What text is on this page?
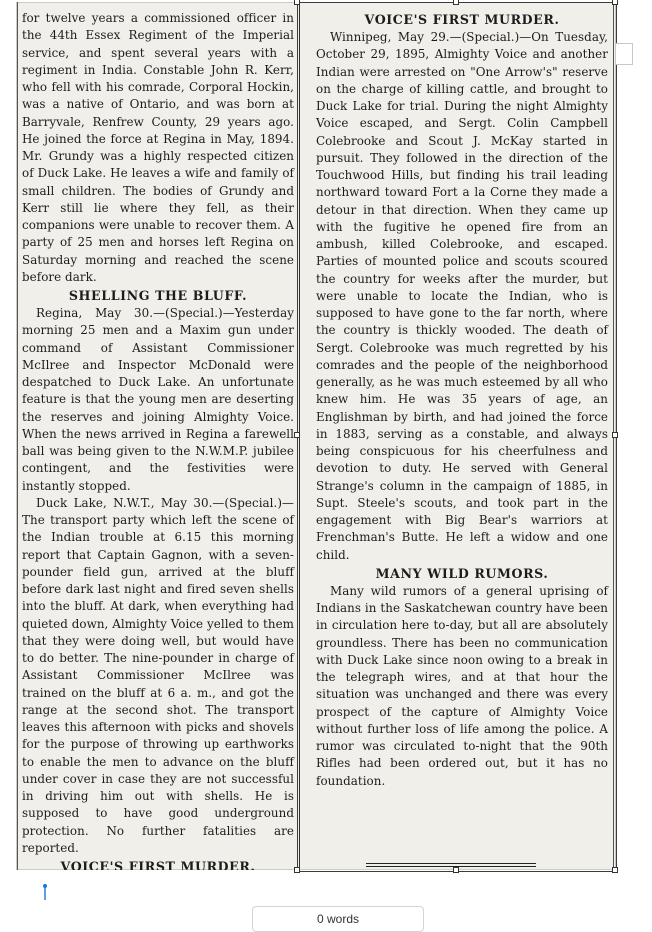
for twelve years a commissioned officer in the 44th Essex Regiment of the Imperial service, and spent several years with a regiment in India. Constable John R. Kerr, who fell with his comrade, Corporal Hockin, was a native of Ontario, and was born at Barryvale, Renfrew County, 29 years ago. He joined the force at Regina in May, 1894. Mr. Grundy was a highly respected citizen of Duck Lake. He leaves a wife and family of small children. The bodies of Grundy and Kerr still lie where they fell, as their companions were unable to recover them. A party of 25 men and horses left Regina on Saturday morning and reached the scene before dark.

SHELLING THE BLUFF.

Regina, May 30.—(Special.)—Yesterday morning 25 men and a Maxim gun under command of Assistant Commissioner McIlree and Inspector McDonald were despatched to Duck Lake. An unfortunate feature is that the young men are deserting the reserves and joining Almighty Voice. When the news arrived in Regina a farewell ball was being given to the N.W.M.P. jubilee contingent, and the festivities were instantly stopped.

Duck Lake, N.W.T., May 30.—(Special.)—The transport party which left the scene of the Indian trouble at 6.15 this morning report that Captain Gagnon, with a seven-pounder field gun, arrived at the bluff before dark last night and fired seven shells into the bluff. At dark, when everything had quieted down, Almighty Voice yelled to them that they were doing well, but would have to do better. The nine-pounder in charge of Assistant Commissioner McIlree was trained on the bluff at 6 a. m., and got the range at the second shot. The transport leaves this afternoon with picks and shovels for the purpose of throwing up earthworks to enable the men to advance on the bluff under cover in case they are not successful in driving him out with shells. He is supposed to have good underground protection. No further fatalities are reported.

VOICE'S FIRST MURDER.
VOICE'S FIRST MURDER.

Winnipeg, May 29.—(Special.)—On Tuesday, October 29, 1895, Almighty Voice and another Indian were arrested on "One Arrow's" reserve on the charge of killing cattle, and brought to Duck Lake for trial. During the night Almighty Voice escaped, and Sergt. Colin Campbell Colebrooke and Scout J. McKay started in pursuit. They followed in the direction of the Touchwood Hills, but finding his trail leading northward toward Fort a la Corne they made a detour in that direction. When they came up with the fugitive he opened fire from an ambush, killed Colebrooke, and escaped. Parties of mounted police and scouts scoured the country for weeks after the murder, but were unable to locate the Indian, who is supposed to have gone to the far north, where the country is thickly wooded. The death of Sergt. Colebrooke was much regretted by his comrades and the people of the neighborhood generally, as he was much esteemed by all who knew him. He was 35 years of age, an Englishman by birth, and had joined the force in 1883, serving as a constable, and always being conspicuous for his cheerfulness and devotion to duty. He served with General Strange's column in the campaign of 1885, in Supt. Steele's scouts, and took part in the engagement with Big Bear's warriors at Frenchman's Butte. He left a widow and one child.

MANY WILD RUMORS.

Many wild rumors of a general uprising of Indians in the Saskatchewan country have been in circulation here to-day, but all are absolutely groundless. There has been no communication with Duck Lake since noon owing to a break in the telegraph wires, and at that hour the situation was unchanged and there was every prospect of the capture of Almighty Voice without further loss of life among the police. A rumor was circulated to-night that the 90th Rifles had been ordered out, but it has no foundation.

0 words
